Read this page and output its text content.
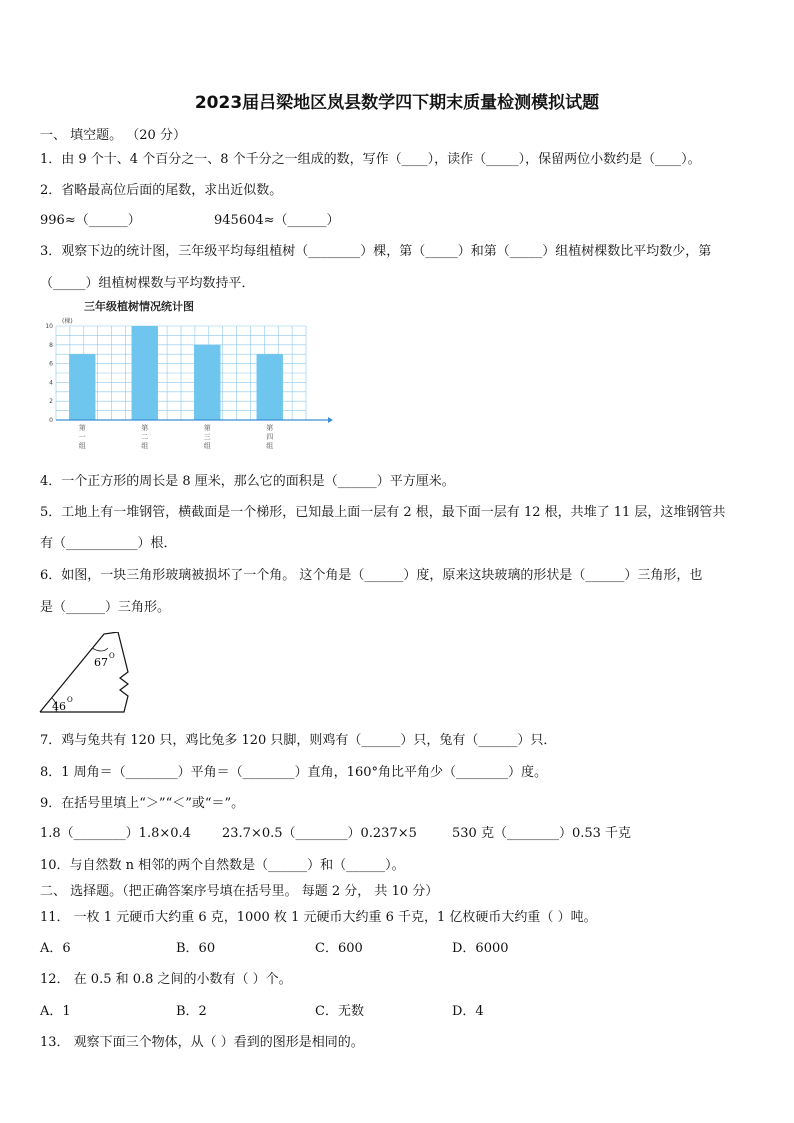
2023届吕梁地区岚县数学四下期末质量检测模拟试题
一、 填空题。 （20 分）
1．由 9 个十、4 个百分之一、8 个千分之一组成的数，写作（____），读作（_____），保留两位小数约是（____）。
2．省略最高位后面的尾数，求出近似数。
996≈（______）	945604≈（______）
3．观察下边的统计图，三年级平均每组植树（________）棵，第（_____）和第（_____）组植树棵数比平均数少，第
（_____）组植树棵数与平均数持平．
三年级植树情况统计图
(棵)
0
2
4
6
8
10
第
一
组
第
二
组
第
三
组
第
四
组
4．一个正方形的周长是 8 厘米，那么它的面积是（______）平方厘米。
5．工地上有一堆钢管，横截面是一个梯形，已知最上面一层有 2 根，最下面一层有 12 根，共堆了 11 层，这堆钢管共
有（___________）根．
6．如图，一块三角形玻璃被损坏了一个角。 这个角是（______）度，原来这块玻璃的形状是（______）三角形，也
是（______）三角形。
67 O
46 O
7．鸡与兔共有 120 只，鸡比兔多 120 只脚，则鸡有（______）只，兔有（______）只．
8．1 周角＝（________）平角＝（________）直角，160°角比平角少（________）度。
9．在括号里填上“＞”“＜”或“＝”。
1.8（________）1.8×0.4 23.7×0.5（________）0.237×5	530 克（________）0.53 千克
10．与自然数 n 相邻的两个自然数是（______）和（______）。
二、 选择题。（把正确答案序号填在括号里。 每题 2 分， 共 10 分）
11． 一枚 1 元硬币大约重 6 克，1000 枚 1 元硬币大约重 6 千克，1 亿枚硬币大约重（ ）吨。
A．6	B．60	C．600	D．6000
12． 在 0.5 和 0.8 之间的小数有（ ）个。
A．1	B．2	C．无数	D．4
13． 观察下面三个物体，从（ ）看到的图形是相同的。
